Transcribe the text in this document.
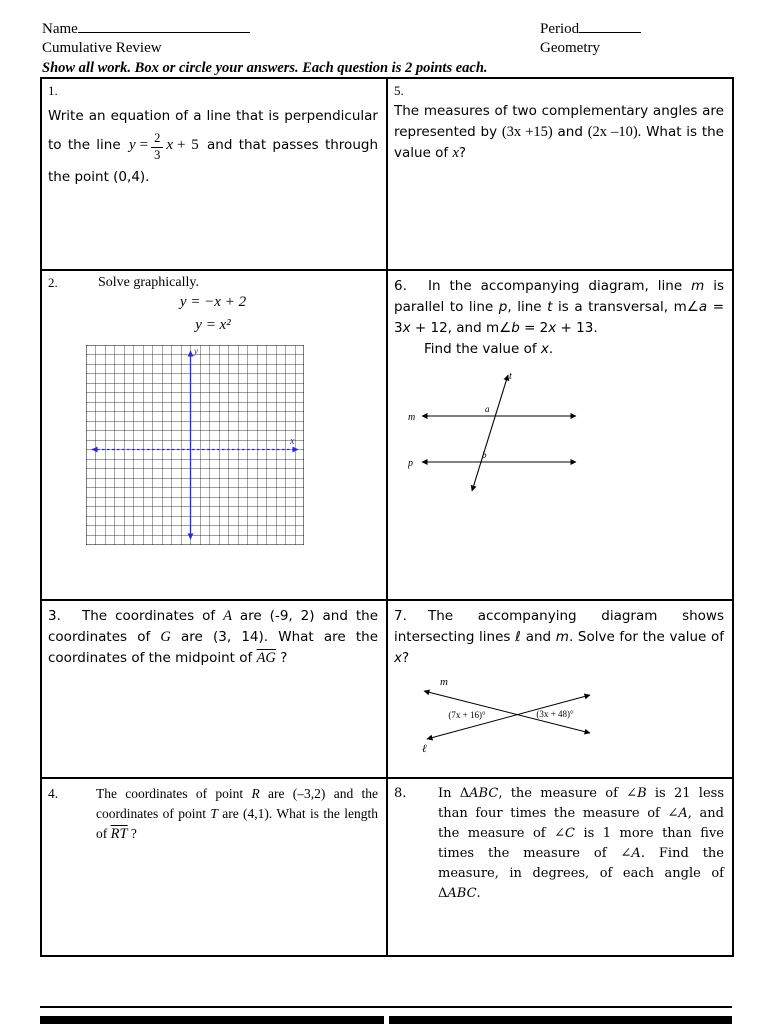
Name	Period
Cumulative Review	Geometry
Show all work. Box or circle your answers. Each question is 2 points each.
1.

Write an equation of a line that is perpendicular to the line $y = \frac{2}{3}$ x + 5 and that passes through the point (0,4).

5.

The measures of two complementary angles are represented by (3x +15) and (2x –10). What is the value of x?

2.	Solve graphically.
y = −x + 2
y = x²
y
x

6. In the accompanying diagram, line m is parallel to line p, line t is a transversal, m∠a = 3x + 12, and m∠b = 2x + 13.

Find the value of x.

t
m
p
a
b

3. The coordinates of A are (-9, 2) and the coordinates of G are (3, 14). What are the coordinates of the midpoint of $\overline{AG}$ ?	7. The accompanying diagram shows intersecting lines ℓ and m. Solve for the value of x?

m
ℓ
(7x + 16)° (3x + 48)°

4.	The coordinates of point R are (–3,2) and the coordinates of point T are (4,1). What is the length of $\overline{RT}$ ?

8.	In ΔABC, the measure of ∠B is 21 less than four times the measure of ∠A, and the measure of ∠C is 1 more than five times the measure of ∠A. Find the measure, in degrees, of each angle of ΔABC.
